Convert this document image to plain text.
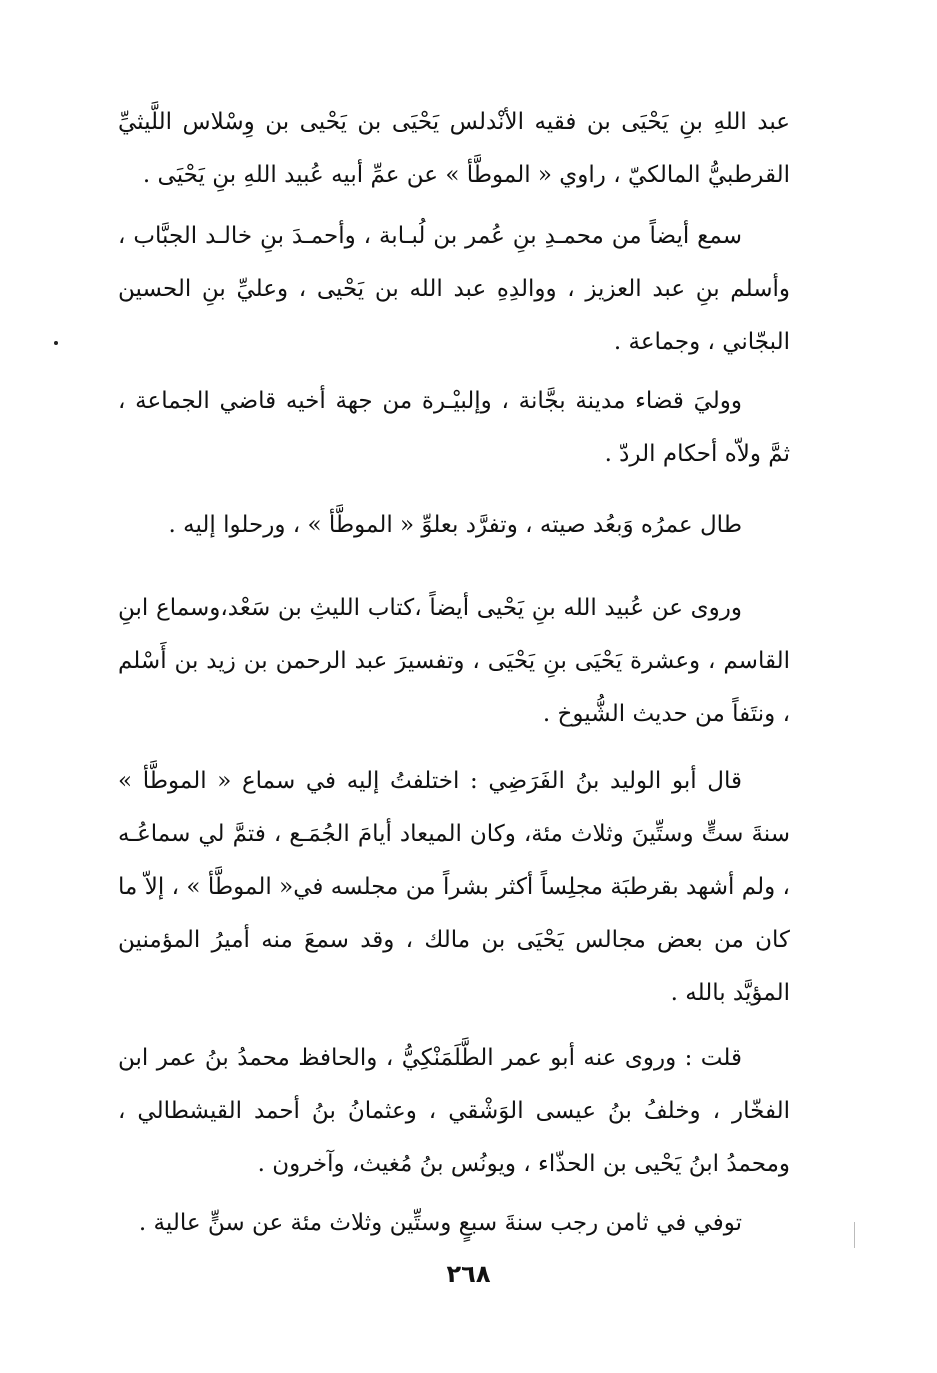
عبد اللهِ بنِ يَحْيَى بن فقيه الأنْدلس يَحْيَى بن يَحْيى بن وِسْلاس اللَّيثيِّ القرطبيُّ المالكيّ ، راوي « الموطَّأ » عن عمِّ أبيه عُبيد اللهِ بنِ يَحْيَى .

سمع أيضاً من محمـدِ بنِ عُمر بن لُبـابة ، وأحمـدَ بنِ خالـد الجبَّاب ، وأسلم بنِ عبد العزيز ، ووالدِهِ عبد الله بن يَحْيى ، وعليِّ بنِ الحسين البجّاني ، وجماعة .

ووليَ قضاء مدينة بجَّانة ، وإلبيْـرة من جهة أخيه قاضي الجماعة ، ثمَّ ولاّه أحكام الردّ .

طال عمرُه وَبعُد صيته ، وتفرَّد بعلوِّ « الموطَّأ » ، ورحلوا إليه .

وروى عن عُبيد الله بنِ يَحْيى أيضاً ،كتاب الليثِ بن سَعْد،وسماع ابنِ القاسم ، وعشرة يَحْيَى بنِ يَحْيَى ، وتفسيرَ عبد الرحمن بن زيد بن أَسْلم ، ونتَفاً من حديث الشُّيوخ .

قال أبو الوليد بنُ الفَرَضِي : اختلفتُ إليه في سماع « الموطَّأ » سنةَ ستٍّ وستِّينَ وثلاث مئة، وكان الميعاد أيامَ الجُمَـع ، فتمَّ لي سماعُـه ، ولم أشهد بقرطبَة مجلِساً أكثر بشراً من مجلسه في« الموطَّأ » ، إلاّ ما كان من بعض مجالس يَحْيَى بن مالك ، وقد سمعَ منه أميرُ المؤمنين المؤيَّد بالله .

قلت : وروى عنه أبو عمر الطَّلَمَنْكِيُّ ، والحافظ محمدُ بنُ عمر ابن الفخّار ، وخلفُ بنُ عيسى الوَشْقي ، وعثمانُ بنُ أحمد القيشطالي ، ومحمدُ ابنُ يَحْيى بن الحذّاء ، ويونُس بنُ مُغيث، وآخرون .

توفي في ثامن رجب سنةَ سبعٍ وستِّين وثلاث مئة عن سنٍّ عالية .

٢٦٨
